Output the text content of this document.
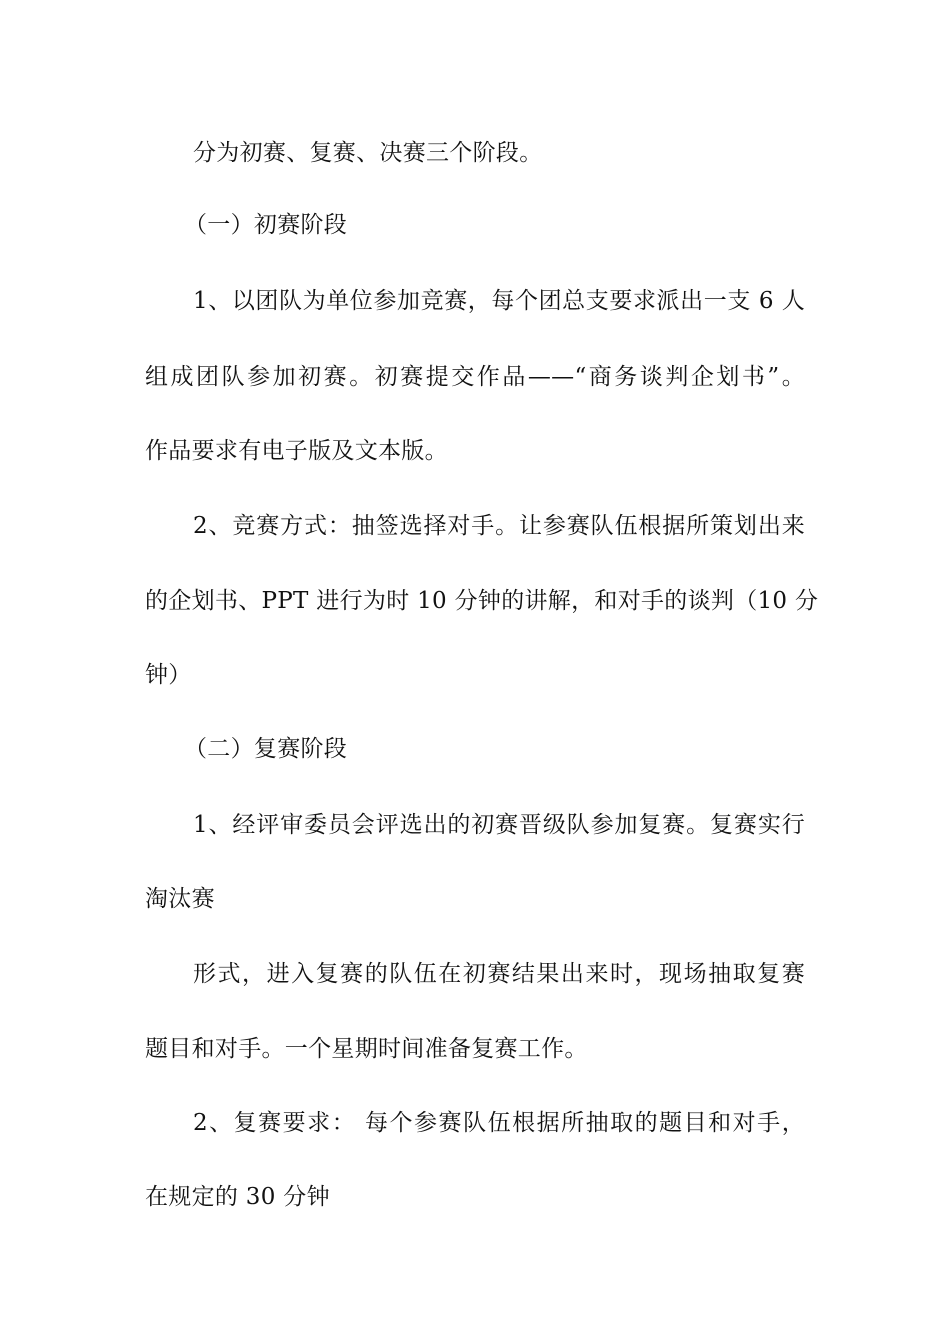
分为初赛、复赛、决赛三个阶段。
（一）初赛阶段
1、以团队为单位参加竞赛，每个团总支要求派出一支 6 人
组成团队参加初赛。初赛提交作品——“商务谈判企划书”。
作品要求有电子版及文本版。
2、竞赛方式：抽签选择对手。让参赛队伍根据所策划出来
的企划书、PPT 进行为时 10 分钟的讲解，和对手的谈判（10 分
钟）
（二）复赛阶段
1、经评审委员会评选出的初赛晋级队参加复赛。复赛实行
淘汰赛
形式，进入复赛的队伍在初赛结果出来时，现场抽取复赛
题目和对手。一个星期时间准备复赛工作。
2、复赛要求： 每个参赛队伍根据所抽取的题目和对手，
在规定的 30 分钟
